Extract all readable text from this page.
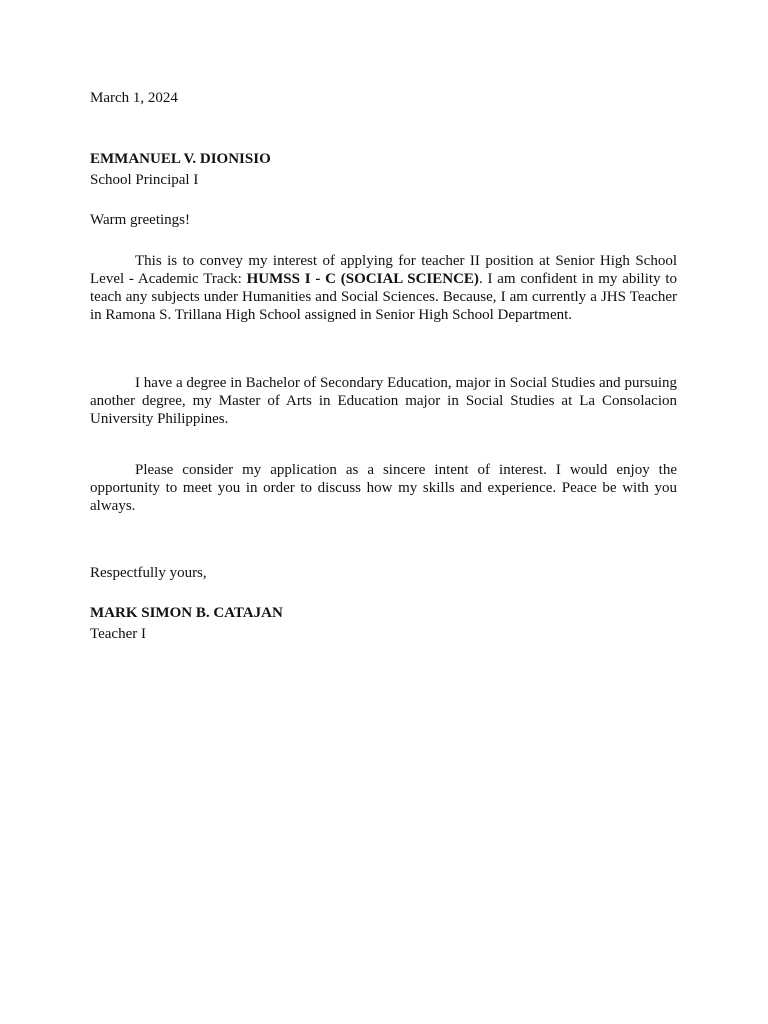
March 1, 2024

EMMANUEL V. DIONISIO

School Principal I

Warm greetings!

This is to convey my interest of applying for teacher II position at Senior High School Level - Academic Track: HUMSS I - C (SOCIAL SCIENCE). I am confident in my ability to teach any subjects under Humanities and Social Sciences. Because, I am currently a JHS Teacher in Ramona S. Trillana High School assigned in Senior High School Department.

I have a degree in Bachelor of Secondary Education, major in Social Studies and pursuing another degree, my Master of Arts in Education major in Social Studies at La Consolacion University Philippines.

Please consider my application as a sincere intent of interest. I would enjoy the opportunity to meet you in order to discuss how my skills and experience. Peace be with you always.

Respectfully yours,

MARK SIMON B. CATAJAN

Teacher I
